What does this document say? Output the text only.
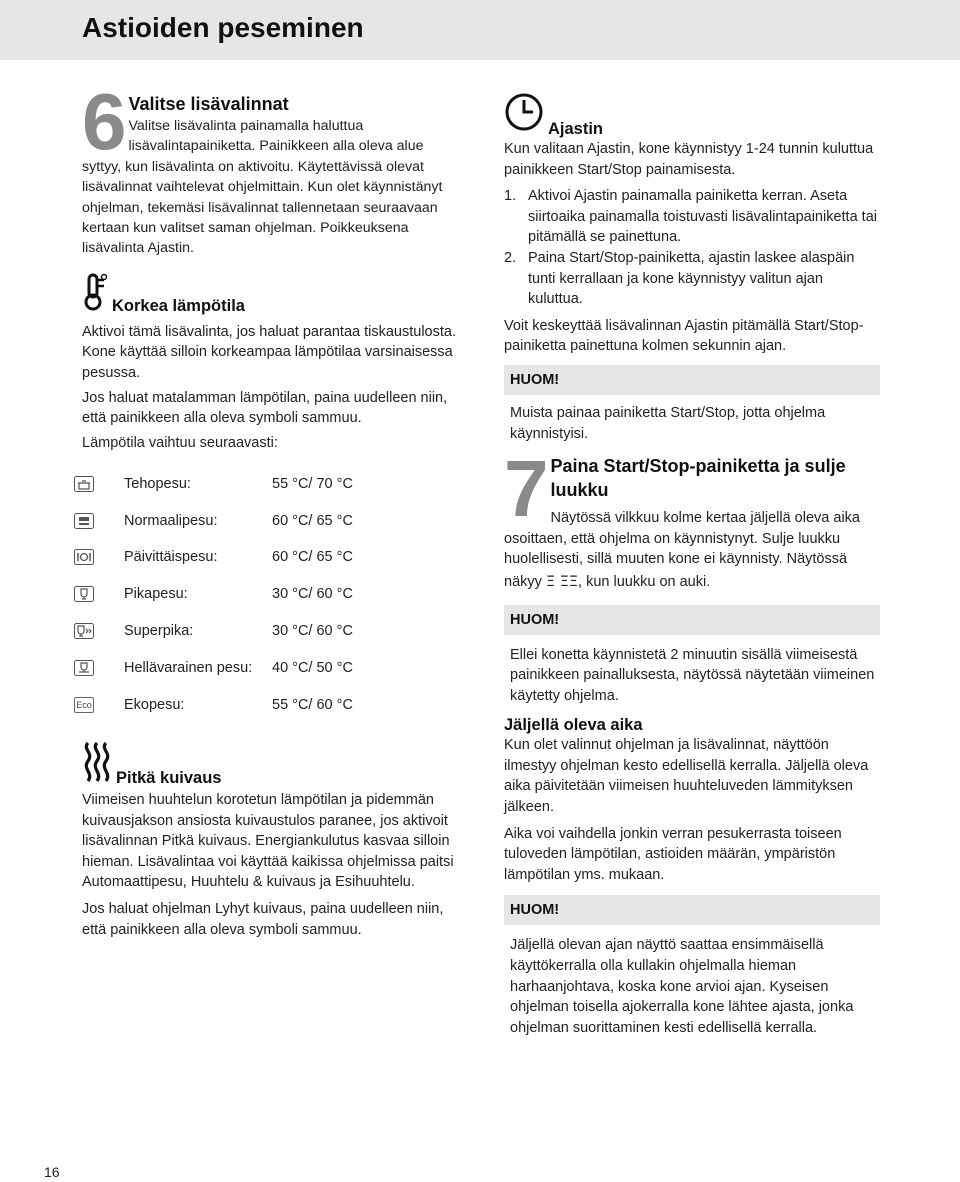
Astioiden peseminen
6 Valitse lisävalinnat
Valitse lisävalinta painamalla haluttua
lisävalintapainiketta. Painikkeen alla oleva alue
syttyy, kun lisävalinta on aktivoitu. Käytettävissä olevat lisävalinnat vaihtelevat ohjelmittain. Kun olet käynnistänyt ohjelman, tekemäsi lisävalinnat tallennetaan seuraavaan kertaan kun valitset saman ohjelman. Poikkeuksena lisävalinta Ajastin.
Korkea lämpötila

Aktivoi tämä lisävalinta, jos haluat parantaa tiskaustulosta. Kone käyttää silloin korkeampaa lämpötilaa varsinaisessa pesussa.

Jos haluat matalamman lämpötilan, paina uudelleen niin, että painikkeen alla oleva symboli sammuu.

Lämpötila vaihtuu seuraavasti:

Tehopesu:	55 °C/ 70 °C
Normaalipesu:	60 °C/ 65 °C
Päivittäispesu:	60 °C/ 65 °C
Pikapesu:	30 °C/ 60 °C
Superpika:	30 °C/ 60 °C
Hellävarainen pesu:	40 °C/ 50 °C
Eco Ekopesu:	55 °C/ 60 °C
Pitkä kuivaus

Viimeisen huuhtelun korotetun lämpötilan ja pidemmän kuivausjakson ansiosta kuivaustulos paranee, jos aktivoit lisävalinnan Pitkä kuivaus. Energiankulutus kasvaa silloin hieman. Lisävalintaa voi käyttää kaikissa ohjelmissa paitsi Automaattipesu, Huuhtelu & kuivaus ja Esihuuhtelu.

Jos haluat ohjelman Lyhyt kuivaus, paina uudelleen niin, että painikkeen alla oleva symboli sammuu.

Ajastin

Kun valitaan Ajastin, kone käynnistyy 1-24 tunnin kuluttua painikkeen Start/Stop painamisesta.

1. Aktivoi Ajastin painamalla painiketta kerran. Aseta siirtoaika painamalla toistuvasti lisävalintapainiketta tai pitämällä se painettuna.
2. Paina Start/Stop-painiketta, ajastin laskee alaspäin tunti kerrallaan ja kone käynnistyy valitun ajan kuluttua.

Voit keskeyttää lisävalinnan Ajastin pitämällä Start/Stop-painiketta painettuna kolmen sekunnin ajan.

HUOM!

Muista painaa painiketta Start/Stop, jotta ohjelma käynnistyisi.

7 Paina Start/Stop-painiketta ja sulje luukku

Näytössä vilkkuu kolme kertaa jäljellä oleva aika

osoittaen, että ohjelma on käynnistynyt. Sulje luukku huolellisesti, sillä muuten kone ei käynnisty. Näytössä

näkyy Ξ ΞΞ, kun luukku on auki.

HUOM!

Ellei konetta käynnistetä 2 minuutin sisällä viimeisestä painikkeen painalluksesta, näytössä näytetään viimeinen käytetty ohjelma.

Jäljellä oleva aika

Kun olet valinnut ohjelman ja lisävalinnat, näyttöön ilmestyy ohjelman kesto edellisellä kerralla. Jäljellä oleva aika päivitetään viimeisen huuhteluveden lämmityksen jälkeen.

Aika voi vaihdella jonkin verran pesukerrasta toiseen tuloveden lämpötilan, astioiden määrän, ympäristön lämpötilan yms. mukaan.

HUOM!

Jäljellä olevan ajan näyttö saattaa ensimmäisellä käyttökerralla olla kullakin ohjelmalla hieman harhaanjohtava, koska kone arvioi ajan. Kyseisen ohjelman toisella ajokerralla kone lähtee ajasta, jonka ohjelman suorittaminen kesti edellisellä kerralla.

16
